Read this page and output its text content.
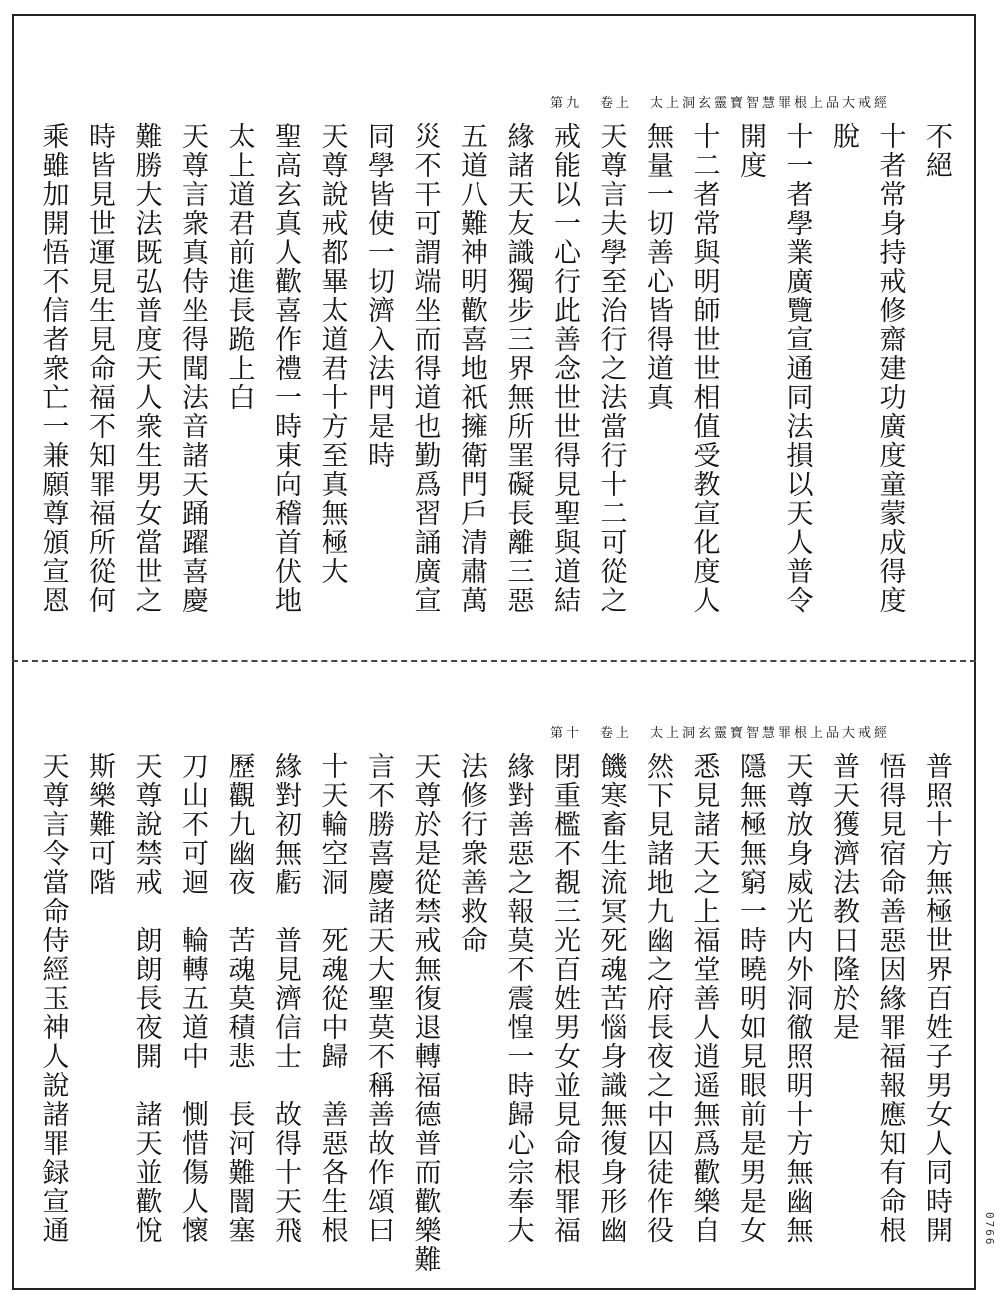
太上洞玄靈寶智慧罪根上品大戒經
卷上
第九
不絕
十者常身持戒修齋建功廣度童蒙成得度
脫
十一者學業廣覽宣通同法損以天人普令
開度
十二者常與明師世世相值受教宣化度人
無量一切善心皆得道真
天尊言夫學至治行之法當行十二可從之
戒能以一心行此善念世世得見聖與道結
緣諸天友識獨步三界無所罣礙長離三惡
五道八難神明歡喜地祇擁衛門戶清肅萬
災不干可謂端坐而得道也勤爲習誦廣宣
同學皆使一切濟入法門是時
天尊說戒都畢太道君十方至真無極大
聖高玄真人歡喜作禮一時東向稽首伏地
太上道君前進長跪上白
天尊言衆真侍坐得聞法音諸天踊躍喜慶
難勝大法既弘普度天人衆生男女當世之
時皆見世運見生見命福不知罪福所從何
乘雖加開悟不信者衆亡一兼願尊頒宣恩
太上洞玄靈寶智慧罪根上品大戒經
卷上
第十
普照十方無極世界百姓子男女人同時開
悟得見宿命善惡因緣罪福報應知有命根
普天獲濟法教日隆於是
天尊放身威光内外洞徹照明十方無幽無
隱無極無窮一時曉明如見眼前是男是女
悉見諸天之上福堂善人逍遥無爲歡樂自
然下見諸地九幽之府長夜之中囚徒作役
饑寒畜生流冥死魂苦惱身識無復身形幽
閉重檻不覩三光百姓男女並見命根罪福
緣對善惡之報莫不震惶一時歸心宗奉大
法修行衆善救命
天尊於是從禁戒無復退轉福德普而歡樂難
言不勝喜慶諸天大聖莫不稱善故作頌曰
十天輪空洞　死魂從中歸　善惡各生根
緣對初無虧　普見濟信士　故得十天飛
歷觀九幽夜　苦魂莫積悲　長河難闇塞
刀山不可迴　輪轉五道中　惻惜傷人懷
天尊說禁戒　朗朗長夜開　諸天並歡悅
斯樂難可階
天尊言令當命侍經玉神人說諸罪録宣通	0766
